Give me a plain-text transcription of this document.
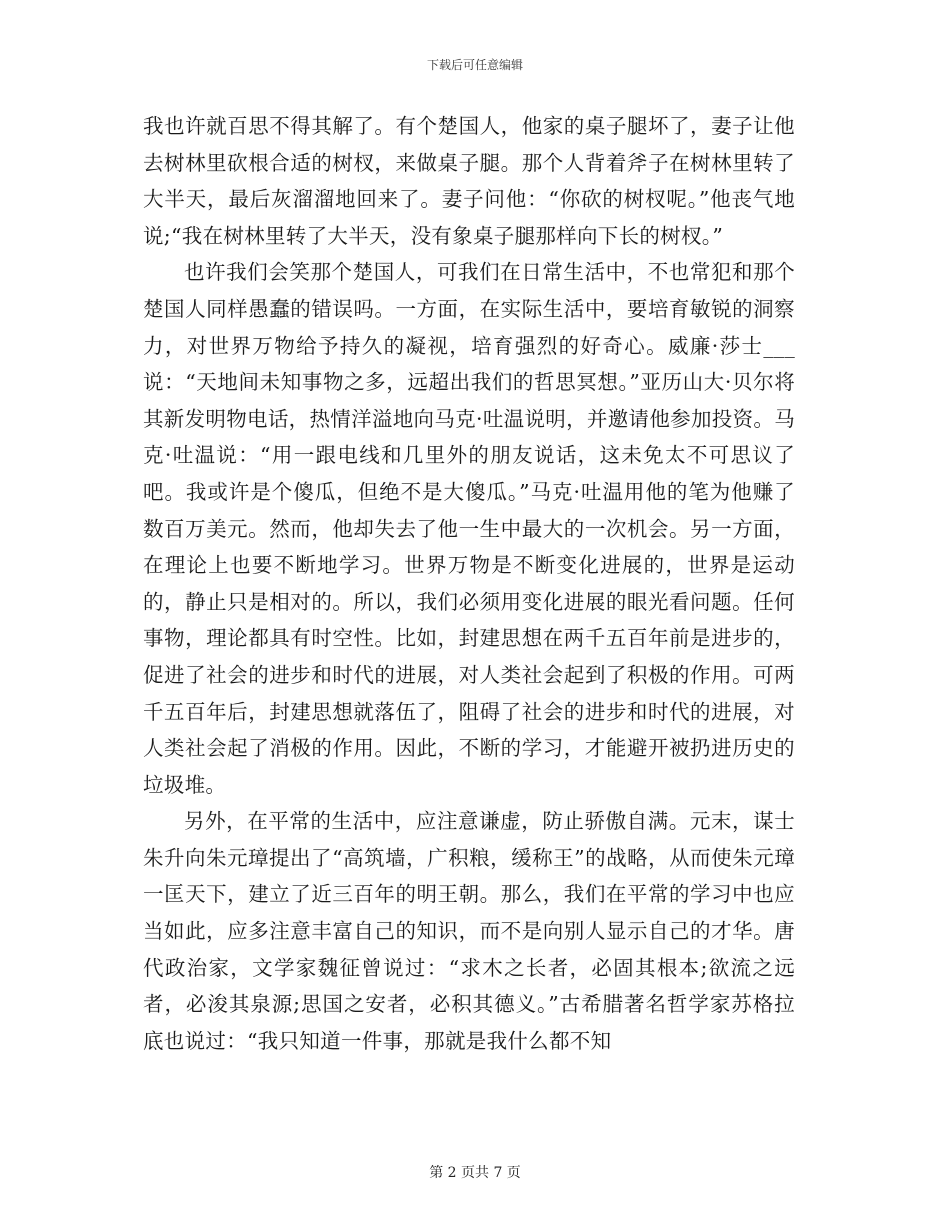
下载后可任意编辑

我也许就百思不得其解了。有个楚国人，他家的桌子腿坏了，妻子让他去树林里砍根合适的树杈，来做桌子腿。那个人背着斧子在树林里转了大半天，最后灰溜溜地回来了。妻子问他：“你砍的树杈呢。”他丧气地说;“我在树林里转了大半天，没有象桌子腿那样向下长的树杈。”

也许我们会笑那个楚国人，可我们在日常生活中，不也常犯和那个楚国人同样愚蠢的错误吗。一方面，在实际生活中，要培育敏锐的洞察力，对世界万物给予持久的凝视，培育强烈的好奇心。威廉·莎士___说：“天地间未知事物之多，远超出我们的哲思冥想。”亚历山大·贝尔将其新发明物电话，热情洋溢地向马克·吐温说明，并邀请他参加投资。马克·吐温说：“用一跟电线和几里外的朋友说话，这未免太不可思议了吧。我或许是个傻瓜，但绝不是大傻瓜。”马克·吐温用他的笔为他赚了数百万美元。然而，他却失去了他一生中最大的一次机会。另一方面，在理论上也要不断地学习。世界万物是不断变化进展的，世界是运动的，静止只是相对的。所以，我们必须用变化进展的眼光看问题。任何事物，理论都具有时空性。比如，封建思想在两千五百年前是进步的，促进了社会的进步和时代的进展，对人类社会起到了积极的作用。可两千五百年后，封建思想就落伍了，阻碍了社会的进步和时代的进展，对人类社会起了消极的作用。因此，不断的学习，才能避开被扔进历史的垃圾堆。

另外，在平常的生活中，应注意谦虚，防止骄傲自满。元末，谋士朱升向朱元璋提出了“高筑墙，广积粮，缓称王”的战略，从而使朱元璋一匡天下，建立了近三百年的明王朝。那么，我们在平常的学习中也应当如此，应多注意丰富自己的知识，而不是向别人显示自己的才华。唐代政治家，文学家魏征曾说过：“求木之长者，必固其根本;欲流之远者，必浚其泉源;思国之安者，必积其德义。”古希腊著名哲学家苏格拉底也说过：“我只知道一件事，那就是我什么都不知

第 2 页共 7 页
